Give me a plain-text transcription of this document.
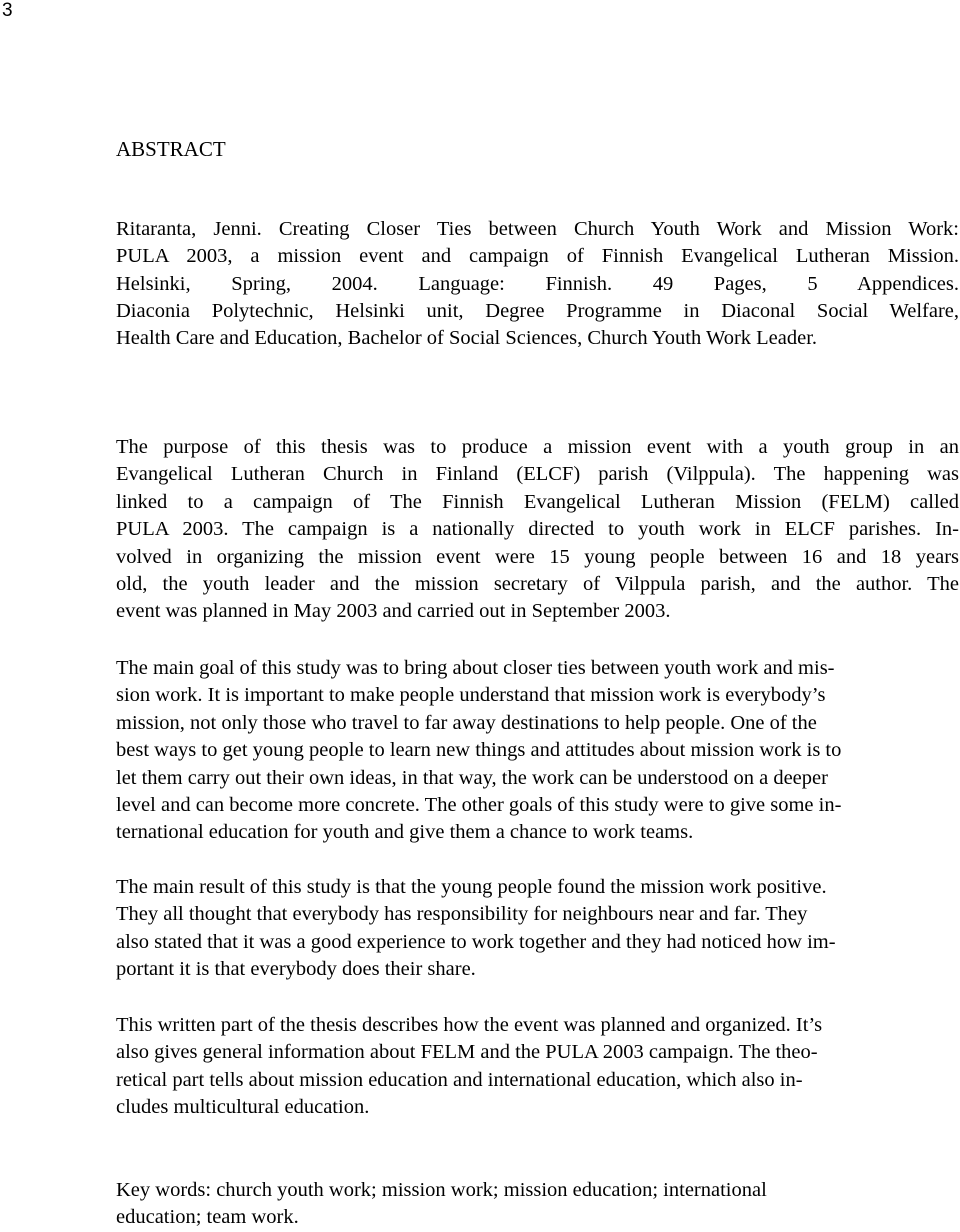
3
ABSTRACT
Ritaranta, Jenni. Creating Closer Ties between Church Youth Work and Mission Work:
PULA 2003, a mission event and campaign of Finnish Evangelical Lutheran Mission.
Helsinki, Spring, 2004. Language: Finnish. 49 Pages, 5 Appendices.
Diaconia Polytechnic, Helsinki unit, Degree Programme in Diaconal Social Welfare,
Health Care and Education, Bachelor of Social Sciences, Church Youth Work Leader.
The purpose of this thesis was to produce a mission event with a youth group in an
Evangelical Lutheran Church in Finland (ELCF) parish (Vilppula). The happening was
linked to a campaign of The Finnish Evangelical Lutheran Mission (FELM) called
PULA 2003. The campaign is a nationally directed to youth work in ELCF parishes. In-
volved in organizing the mission event were 15 young people between 16 and 18 years
old, the youth leader and the mission secretary of Vilppula parish, and the author. The
event was planned in May 2003 and carried out in September 2003.
The main goal of this study was to bring about closer ties between youth work and mis-
sion work. It is important to make people understand that mission work is everybody’s
mission, not only those who travel to far away destinations to help people. One of the
best ways to get young people to learn new things and attitudes about mission work is to
let them carry out their own ideas, in that way, the work can be understood on a deeper
level and can become more concrete. The other goals of this study were to give some in-
ternational education for youth and give them a chance to work teams.
The main result of this study is that the young people found the mission work positive.
They all thought that everybody has responsibility for neighbours near and far. They
also stated that it was a good experience to work together and they had noticed how im-
portant it is that everybody does their share.
This written part of the thesis describes how the event was planned and organized. It’s
also gives general information about FELM and the PULA 2003 campaign. The theo-
retical part tells about mission education and international education, which also in-
cludes multicultural education.
Key words: church youth work; mission work; mission education; international
education; team work.
